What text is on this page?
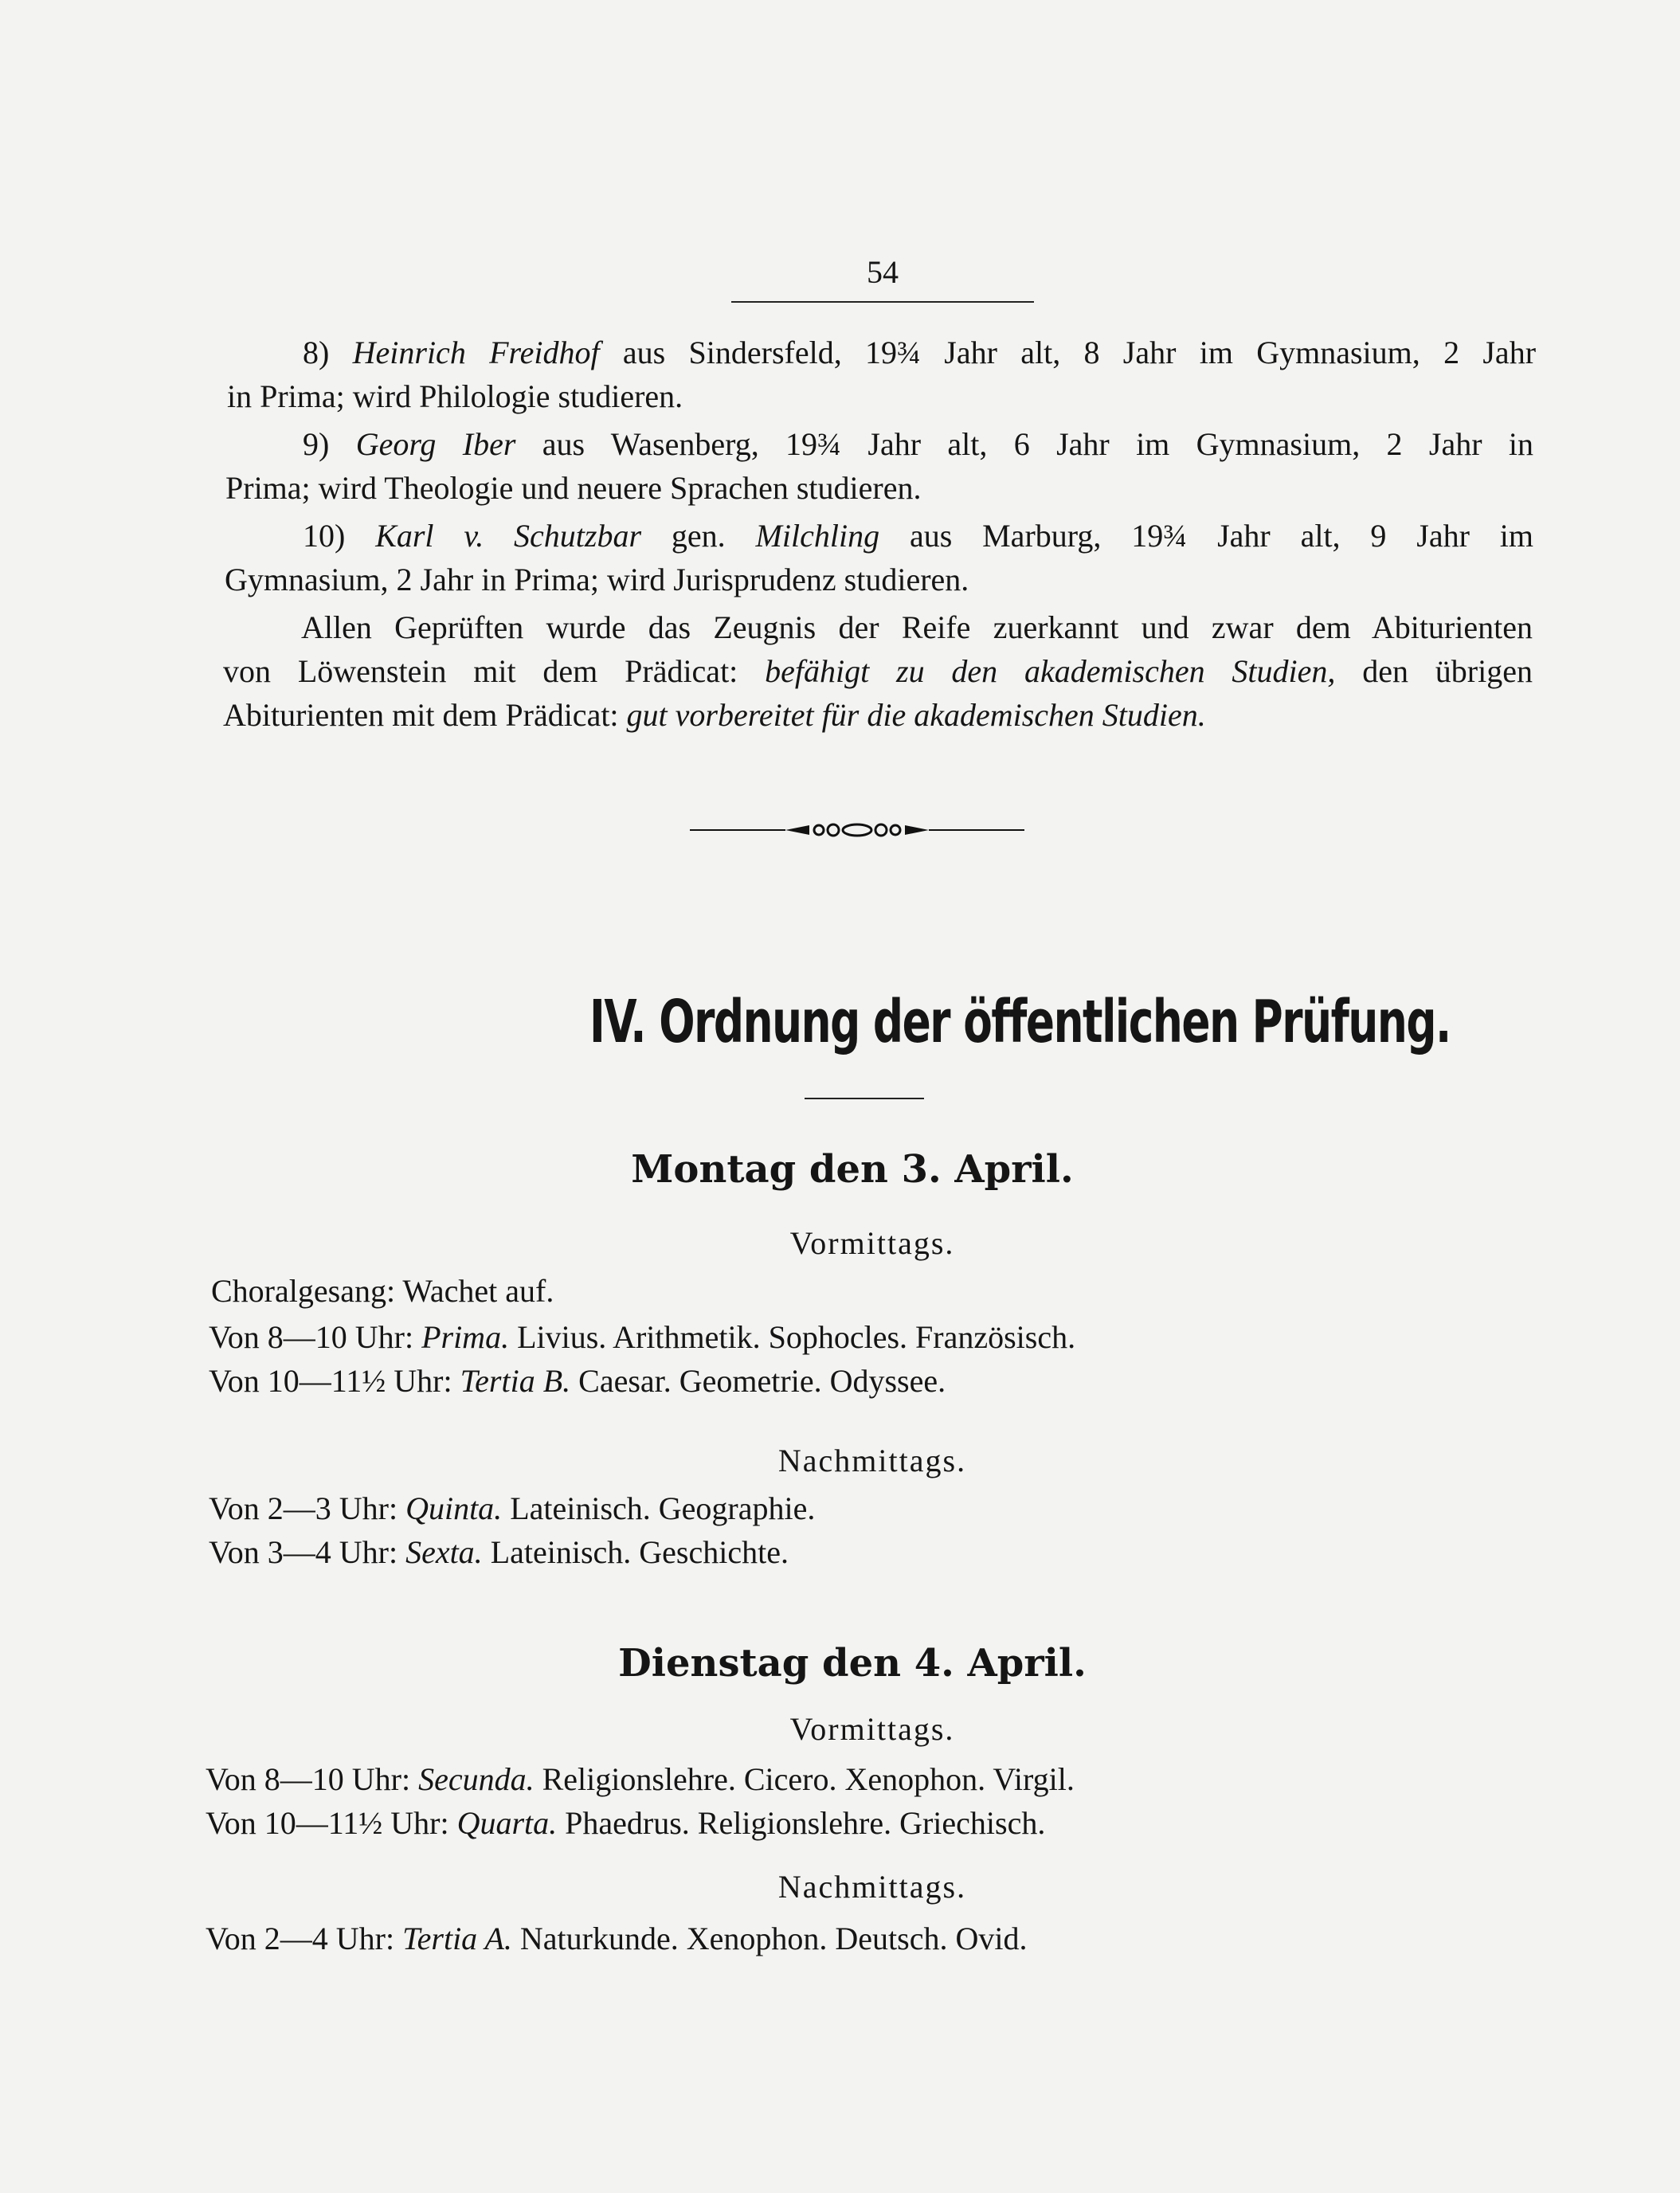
54
8) Heinrich Freidhof aus Sindersfeld, 19¾ Jahr alt, 8 Jahr im Gymnasium, 2 Jahr
in Prima; wird Philologie studieren.
9) Georg Iber aus Wasenberg, 19¾ Jahr alt, 6 Jahr im Gymnasium, 2 Jahr in
Prima; wird Theologie und neuere Sprachen studieren.
10) Karl v. Schutzbar gen. Milchling aus Marburg, 19¾ Jahr alt, 9 Jahr im
Gymnasium, 2 Jahr in Prima; wird Jurisprudenz studieren.
Allen Geprüften wurde das Zeugnis der Reife zuerkannt und zwar dem Abiturienten
von Löwenstein mit dem Prädicat: befähigt zu den akademischen Studien, den übrigen
Abiturienten mit dem Prädicat: gut vorbereitet für die akademischen Studien.
IV. Ordnung der öffentlichen Prüfung.
Montag den 3. April.
Vormittags.
Choralgesang: Wachet auf.
Von 8—10 Uhr: Prima. Livius. Arithmetik. Sophocles. Französisch.
Von 10—11½ Uhr: Tertia B. Caesar. Geometrie. Odyssee.
Nachmittags.
Von 2—3 Uhr: Quinta. Lateinisch. Geographie.
Von 3—4 Uhr: Sexta. Lateinisch. Geschichte.
Dienstag den 4. April.
Vormittags.
Von 8—10 Uhr: Secunda. Religionslehre. Cicero. Xenophon. Virgil.
Von 10—11½ Uhr: Quarta. Phaedrus. Religionslehre. Griechisch.
Nachmittags.
Von 2—4 Uhr: Tertia A. Naturkunde. Xenophon. Deutsch. Ovid.
